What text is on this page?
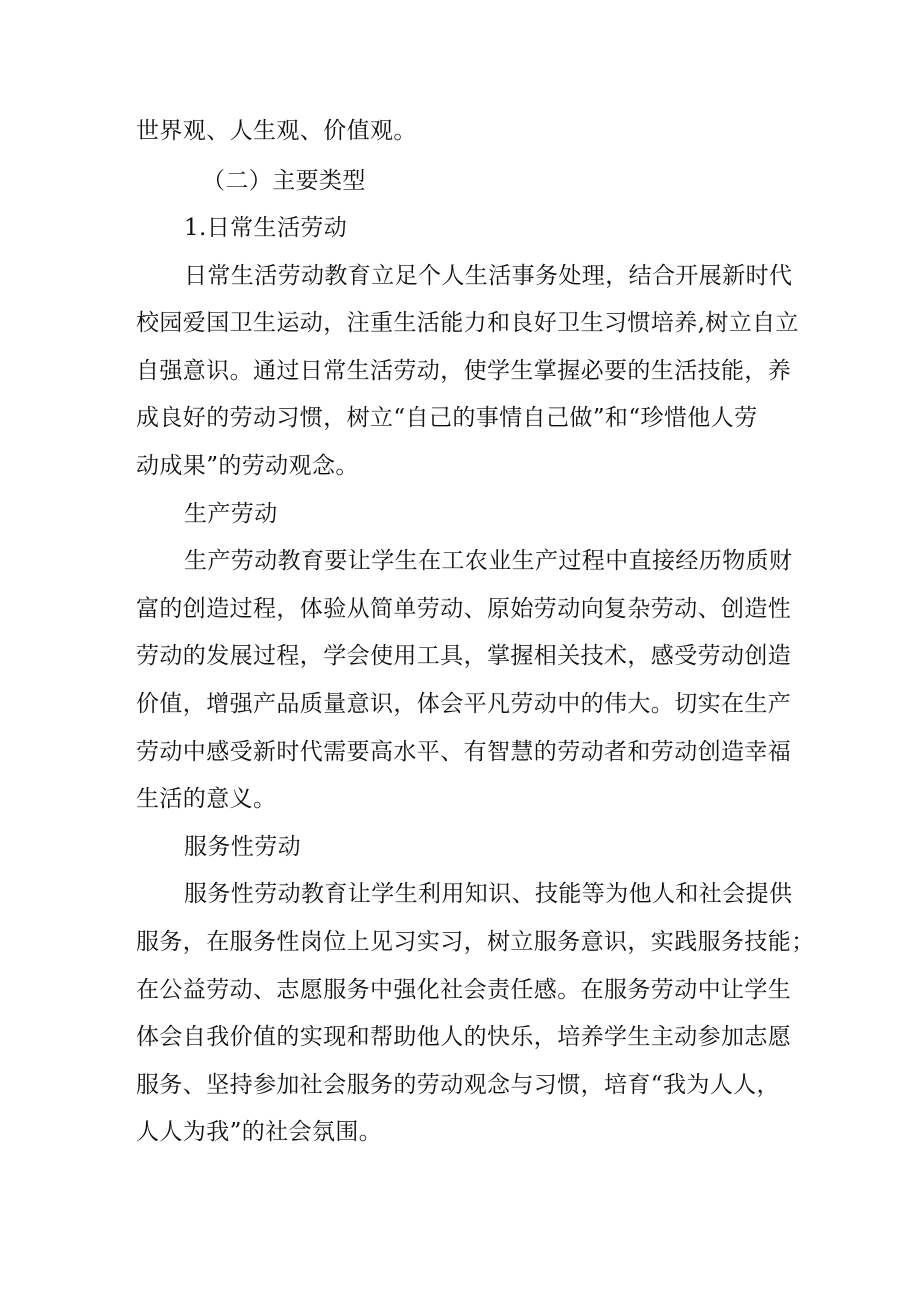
世界观、人生观、价值观。
（二）主要类型
1.日常生活劳动
日常生活劳动教育立足个人生活事务处理，结合开展新时代
校园爱国卫生运动，注重生活能力和良好卫生习惯培养,树立自立
自强意识。通过日常生活劳动，使学生掌握必要的生活技能，养
成良好的劳动习惯，树立“自己的事情自己做”和“珍惜他人劳
动成果”的劳动观念。
生产劳动
生产劳动教育要让学生在工农业生产过程中直接经历物质财
富的创造过程，体验从简单劳动、原始劳动向复杂劳动、创造性
劳动的发展过程，学会使用工具，掌握相关技术，感受劳动创造
价值，增强产品质量意识，体会平凡劳动中的伟大。切实在生产
劳动中感受新时代需要高水平、有智慧的劳动者和劳动创造幸福
生活的意义。
服务性劳动
服务性劳动教育让学生利用知识、技能等为他人和社会提供
服务，在服务性岗位上见习实习，树立服务意识，实践服务技能；
在公益劳动、志愿服务中强化社会责任感。在服务劳动中让学生
体会自我价值的实现和帮助他人的快乐，培养学生主动参加志愿
服务、坚持参加社会服务的劳动观念与习惯，培育“我为人人，
人人为我”的社会氛围。
